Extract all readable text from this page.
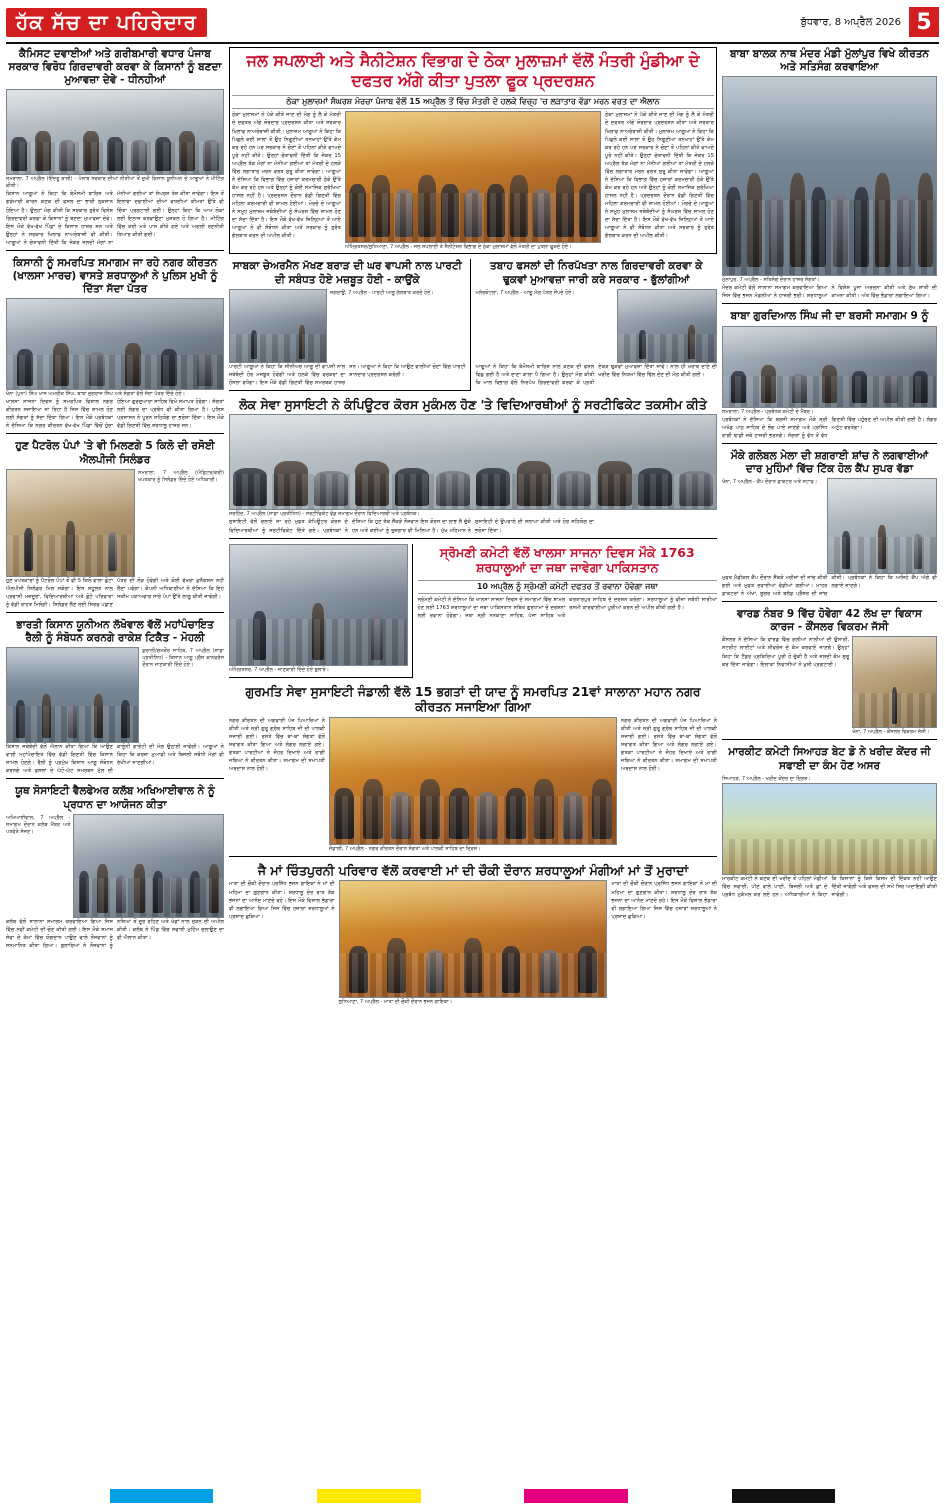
ਹੱਕ ਸੱਚ ਦਾ ਪਹਿਰੇਦਾਰ	ਬੁੱਧਵਾਰ, 8 ਅਪ੍ਰੈਲ 2026 5
ਕੈਮਿਸਟ ਦਵਾਈਆਂ ਅਤੇ ਗਰੀਬਮਾਰੀ ਵਧਾਰ ਪੰਜਾਬ ਸਰਕਾਰ ਵਿਰੋਧ ਗਿਰਦਾਵਰੀ ਕਰਵਾ ਕੇ ਕਿਸਾਨਾਂ ਨੂੰ ਬਣਦਾ ਮੁਆਵਜ਼ਾ ਦੇਵੇ - ਧੀਨਹੀਆਂ
ਸਮਰਾਲਾ, 7 ਅਪ੍ਰੈਲ (ਇੰਦਰੂ ਬਾਲੀ) - ਪੰਜਾਬ ਸਰਕਾਰ ਦੀਆਂ ਨੀਤੀਆਂ ਤੋਂ ਦੁਖੀ ਕਿਸਾਨ ਯੂਨੀਅਨ ਦੇ ਆਗੂਆਂ ਨੇ ਮੀਟਿੰਗ ਕੀਤੀ।
ਕਿਸਾਨ ਆਗੂਆਂ ਨੇ ਕਿਹਾ ਕਿ ਬੇਮੌਸਮੀ ਬਾਰਿਸ਼ ਅਤੇ ਗੜੇਮਾਰੀ ਕਾਰਨ ਕਣਕ ਦੀ ਫਸਲ ਦਾ ਭਾਰੀ ਨੁਕਸਾਨ ਹੋਇਆ ਹੈ। ਉਨ੍ਹਾਂ ਮੰਗ ਕੀਤੀ ਕਿ ਸਰਕਾਰ ਤੁਰੰਤ ਵਿਸ਼ੇਸ਼ ਗਿਰਦਾਵਰੀ ਕਰਵਾ ਕੇ ਕਿਸਾਨਾਂ ਨੂੰ ਬਣਦਾ ਮੁਆਵਜ਼ਾ ਦੇਵੇ। ਇਸ ਮੌਕੇ ਵੱਖ-ਵੱਖ ਪਿੰਡਾਂ ਦੇ ਕਿਸਾਨ ਹਾਜ਼ਰ ਸਨ ਅਤੇ ਉਨ੍ਹਾਂ ਨੇ ਸਰਕਾਰ ਖਿਲਾਫ ਨਾਅਰੇਬਾਜ਼ੀ ਵੀ ਕੀਤੀ। ਆਗੂਆਂ ਨੇ ਚੇਤਾਵਨੀ ਦਿੱਤੀ ਕਿ ਜੇਕਰ ਜਲਦੀ ਮੰਗਾਂ ਨਾ ਮੰਨੀਆਂ ਗਈਆਂ ਤਾਂ ਸੰਘਰਸ਼ ਤੇਜ਼ ਕੀਤਾ ਜਾਵੇਗਾ। ਇਸ ਤੋਂ ਇਲਾਵਾ ਦਵਾਈਆਂ ਦੀਆਂ ਵਧਦੀਆਂ ਕੀਮਤਾਂ ਉੱਤੇ ਵੀ ਚਿੰਤਾ ਪ੍ਰਗਟਾਈ ਗਈ। ਉਨ੍ਹਾਂ ਕਿਹਾ ਕਿ ਆਮ ਲੋਕਾਂ ਲਈ ਇਲਾਜ ਕਰਵਾਉਣਾ ਮੁਸ਼ਕਲ ਹੋ ਗਿਆ ਹੈ। ਮੀਟਿੰਗ ਵਿੱਚ ਕਈ ਮਤੇ ਪਾਸ ਕੀਤੇ ਗਏ ਅਤੇ ਅਗਲੀ ਰਣਨੀਤੀ ਤਿਆਰ ਕੀਤੀ ਗਈ।
ਕਿਸਾਨੀ ਨੂੰ ਸਮਰਪਿਤ ਸਮਾਗਮ ਜਾ ਰਹੇ ਨਗਰ ਕੀਰਤਨ (ਖਾਲਸਾ ਮਾਰਚ) ਵਾਸਤੇ ਸ਼ਰਧਾਲੂਆਂ ਨੇ ਪੁਲਿਸ ਮੁਖੀ ਨੂੰ ਦਿੱਤਾ ਸੱਦਾ ਪੱਤਰ
ਖੰਨਾ (ਪੁਨਾ) ਸਿੰਘ ਖਾਸ ਅਮਰੀਕ ਸਿੰਘ, ਬਾਬਾ ਜੁਗਰਾਜ ਸਿੰਘ ਅਤੇ ਸੰਗਤਾਂ ਵੱਲੋਂ ਸੱਦਾ ਪੱਤਰ ਦਿੰਦੇ ਹੋਏ।
ਖਾਲਸਾ ਸਾਜਨਾ ਦਿਵਸ ਨੂੰ ਸਮਰਪਿਤ ਵਿਸ਼ਾਲ ਨਗਰ ਕੀਰਤਨ ਸਜਾਇਆ ਜਾ ਰਿਹਾ ਹੈ ਜਿਸ ਵਿੱਚ ਸ਼ਾਮਲ ਹੋਣ ਲਈ ਸੰਗਤਾਂ ਨੂੰ ਸੱਦਾ ਦਿੱਤਾ ਗਿਆ। ਇਸ ਮੌਕੇ ਪ੍ਰਬੰਧਕਾਂ ਨੇ ਦੱਸਿਆ ਕਿ ਨਗਰ ਕੀਰਤਨ ਵੱਖ-ਵੱਖ ਪਿੰਡਾਂ ਵਿੱਚੋਂ ਹੁੰਦਾ ਹੋਇਆ ਗੁਰਦੁਆਰਾ ਸਾਹਿਬ ਵਿਖੇ ਸਮਾਪਤ ਹੋਵੇਗਾ। ਸੰਗਤਾਂ ਲਈ ਲੰਗਰ ਦਾ ਪ੍ਰਬੰਧ ਵੀ ਕੀਤਾ ਗਿਆ ਹੈ। ਪੁਲਿਸ ਪ੍ਰਸ਼ਾਸਨ ਨੇ ਪੂਰਨ ਸਹਿਯੋਗ ਦਾ ਭਰੋਸਾ ਦਿੱਤਾ। ਇਸ ਮੌਕੇ ਵੱਡੀ ਗਿਣਤੀ ਵਿੱਚ ਸ਼ਰਧਾਲੂ ਹਾਜ਼ਰ ਸਨ।
ਹੁਣ ਪੈਟਰੋਲ ਪੰਪਾਂ 'ਤੇ ਵੀ ਮਿਲਣਗੇ 5 ਕਿਲੋ ਦੀ ਰਸੋਈ ਐਲਪੀਜੀ ਸਿਲੰਡਰ
ਸਮਰਾਲਾ, 7 ਅਪ੍ਰੈਲ (ਐਡਿਟਰ/ਕਰੀ) ਖਪਤਕਾਰ ਨੂੰ ਸਿਲੰਡਰ ਦਿੰਦੇ ਹੋਏ ਅਧਿਕਾਰੀ।
ਹੁਣ ਖਪਤਕਾਰਾਂ ਨੂੰ ਪੈਟਰੋਲ ਪੰਪਾਂ ਤੋਂ ਵੀ 5 ਕਿਲੋ ਵਾਲਾ ਛੋਟਾ ਐਲਪੀਜੀ ਸਿਲੰਡਰ ਮਿਲ ਸਕੇਗਾ। ਇਸ ਸਹੂਲਤ ਨਾਲ ਪ੍ਰਵਾਸੀ ਮਜ਼ਦੂਰਾਂ, ਵਿਦਿਆਰਥੀਆਂ ਅਤੇ ਛੋਟੇ ਪਰਿਵਾਰਾਂ ਨੂੰ ਵੱਡੀ ਰਾਹਤ ਮਿਲੇਗੀ। ਸਿਲੰਡਰ ਲੈਣ ਲਈ ਸਿਰਫ ਪਛਾਣ ਪੱਤਰ ਦੀ ਲੋੜ ਹੋਵੇਗੀ ਅਤੇ ਕੋਈ ਵੱਖਰਾ ਕੁਨੈਕਸ਼ਨ ਨਹੀਂ ਲੈਣਾ ਪਵੇਗਾ। ਕੰਪਨੀ ਅਧਿਕਾਰੀਆਂ ਨੇ ਦੱਸਿਆ ਕਿ ਇਹ ਸਕੀਮ ਪੜਾਅਵਾਰ ਸਾਰੇ ਪੰਪਾਂ ਉੱਤੇ ਲਾਗੂ ਕੀਤੀ ਜਾਵੇਗੀ।
ਭਾਰਤੀ ਕਿਸਾਨ ਯੂਨੀਅਨ ਲੱਖੋਵਾਲ ਵੱਲੋਂ ਮਹਾਂਪੰਚਾਇਤ ਰੈਲੀ ਨੂੰ ਸੰਬੋਧਨ ਕਰਨਗੇ ਰਾਕੇਸ਼ ਟਿਕੈਤ - ਮੋਹਲੀ
ਕੁਰਾਲੀ/ਚਮਕੌਰ ਸਾਹਿਬ, 7 ਅਪ੍ਰੈਲ (ਸਾਡਾ ਪ੍ਰਤੀਨਿਧ) - ਕਿਸਾਨ ਆਗੂ ਪ੍ਰੈਸ ਕਾਨਫਰੰਸ ਦੌਰਾਨ ਜਾਣਕਾਰੀ ਦਿੰਦੇ ਹੋਏ।
ਕਿਸਾਨ ਜਥੇਬੰਦੀ ਵੱਲੋਂ ਐਲਾਨ ਕੀਤਾ ਗਿਆ ਕਿ ਆਉਣ ਵਾਲੀ ਮਹਾਂਪੰਚਾਇਤ ਵਿੱਚ ਵੱਡੀ ਗਿਣਤੀ ਵਿੱਚ ਕਿਸਾਨ ਸ਼ਾਮਲ ਹੋਣਗੇ। ਰੈਲੀ ਨੂੰ ਪ੍ਰਮੁੱਖ ਕਿਸਾਨ ਆਗੂ ਸੰਬੋਧਨ ਕਰਨਗੇ ਅਤੇ ਫਸਲਾਂ ਦੇ ਘੱਟੋ-ਘੱਟ ਸਮਰਥਨ ਮੁੱਲ ਦੀ ਕਾਨੂੰਨੀ ਗਾਰੰਟੀ ਦੀ ਮੰਗ ਉਠਾਈ ਜਾਵੇਗੀ। ਆਗੂਆਂ ਨੇ ਕਿਹਾ ਕਿ ਕਰਜ਼ਾ ਮੁਆਫੀ ਅਤੇ ਬਿਜਲੀ ਸਬੰਧੀ ਮੰਗਾਂ ਵੀ ਰੱਖੀਆਂ ਜਾਣਗੀਆਂ।
ਯੂਥ ਸੋਸਾਇਟੀ ਵੈਲਫੇਅਰ ਕਲੱਬ ਅਖਿਆਈਵਾਲ ਨੇ ਨੂੰ ਪ੍ਰਧਾਨ ਦਾ ਆਯੋਜਨ ਕੀਤਾ
ਅਖਿਆਈਵਾਲ, 7 ਅਪ੍ਰੈਲ - ਸਮਾਗਮ ਦੌਰਾਨ ਕਲੱਬ ਮੈਂਬਰ ਅਤੇ ਪਤਵੰਤੇ ਸੱਜਣ।
ਕਲੱਬ ਵੱਲੋਂ ਸਾਲਾਨਾ ਸਮਾਗਮ ਕਰਵਾਇਆ ਗਿਆ ਜਿਸ ਵਿੱਚ ਨਵੀਂ ਕਮੇਟੀ ਦੀ ਚੋਣ ਕੀਤੀ ਗਈ। ਇਸ ਮੌਕੇ ਸਮਾਜ ਸੇਵਾ ਦੇ ਕੰਮਾਂ ਵਿੱਚ ਯੋਗਦਾਨ ਪਾਉਣ ਵਾਲੇ ਨੌਜਵਾਨਾਂ ਨੂੰ ਸਨਮਾਨਿਤ ਕੀਤਾ ਗਿਆ। ਬੁਲਾਰਿਆਂ ਨੇ ਨੌਜਵਾਨਾਂ ਨੂੰ ਨਸ਼ਿਆਂ ਤੋਂ ਦੂਰ ਰਹਿਣ ਅਤੇ ਖੇਡਾਂ ਨਾਲ ਜੁੜਨ ਦੀ ਅਪੀਲ ਕੀਤੀ। ਕਲੱਬ ਨੇ ਪਿੰਡ ਵਿੱਚ ਸਫਾਈ ਮੁਹਿੰਮ ਚਲਾਉਣ ਦਾ ਵੀ ਐਲਾਨ ਕੀਤਾ।
ਜਲ ਸਪਲਾਈ ਅਤੇ ਸੈਨੀਟੇਸ਼ਨ ਵਿਭਾਗ ਦੇ ਠੇਕਾ ਮੁਲਾਜ਼ਮਾਂ ਵੱਲੋਂ ਮੰਤਰੀ ਮੁੰਡੀਆ ਦੇ ਦਫਤਰ ਅੱਗੇ ਕੀਤਾ ਪੁਤਲਾ ਫੂਕ ਪ੍ਰਦਰਸ਼ਨ
ਠੇਕਾ ਮੁਲਾਜ਼ਮਾਂ ਸੰਘਰਸ਼ ਮੋਰਚਾ ਪੰਜਾਬ ਵੱਲੋਂ 15 ਅਪ੍ਰੈਲ ਤੋਂ ਵਿੱਚ ਮੰਤਰੀ ਦੇ ਹਲਕੇ ਵਿਚ੍ਹ 'ਚ ਲੜਾਤਾਰ ਵੱਡਾ ਮਰਨ ਵਰਤ ਦਾ ਐਲਾਨ
ਠੇਕਾ ਮੁਲਾਜ਼ਮਾਂ ਨੇ ਪੱਕੇ ਕੀਤੇ ਜਾਣ ਦੀ ਮੰਗ ਨੂੰ ਲੈ ਕੇ ਮੰਤਰੀ ਦੇ ਦਫਤਰ ਅੱਗੇ ਜ਼ੋਰਦਾਰ ਪ੍ਰਦਰਸ਼ਨ ਕੀਤਾ ਅਤੇ ਸਰਕਾਰ ਖਿਲਾਫ ਨਾਅਰੇਬਾਜ਼ੀ ਕੀਤੀ। ਮੁਲਾਜ਼ਮ ਆਗੂਆਂ ਨੇ ਕਿਹਾ ਕਿ ਪਿਛਲੇ ਕਈ ਸਾਲਾਂ ਤੋਂ ਉਹ ਨਿਗੂਣੀਆਂ ਤਨਖਾਹਾਂ ਉੱਤੇ ਕੰਮ ਕਰ ਰਹੇ ਹਨ ਪਰ ਸਰਕਾਰ ਨੇ ਚੋਣਾਂ ਤੋਂ ਪਹਿਲਾਂ ਕੀਤੇ ਵਾਅਦੇ ਪੂਰੇ ਨਹੀਂ ਕੀਤੇ। ਉਨ੍ਹਾਂ ਚੇਤਾਵਨੀ ਦਿੱਤੀ ਕਿ ਜੇਕਰ 15 ਅਪ੍ਰੈਲ ਤੱਕ ਮੰਗਾਂ ਨਾ ਮੰਨੀਆਂ ਗਈਆਂ ਤਾਂ ਮੰਤਰੀ ਦੇ ਹਲਕੇ ਵਿੱਚ ਲਗਾਤਾਰ ਮਰਨ ਵਰਤ ਸ਼ੁਰੂ ਕੀਤਾ ਜਾਵੇਗਾ। ਆਗੂਆਂ ਨੇ ਦੱਸਿਆ ਕਿ ਵਿਭਾਗ ਵਿੱਚ ਹਜ਼ਾਰਾਂ ਕਰਮਚਾਰੀ ਠੇਕੇ ਉੱਤੇ ਕੰਮ ਕਰ ਰਹੇ ਹਨ ਅਤੇ ਉਨ੍ਹਾਂ ਨੂੰ ਕੋਈ ਸਮਾਜਿਕ ਸੁਰੱਖਿਆ ਹਾਸਲ ਨਹੀਂ ਹੈ। ਪ੍ਰਦਰਸ਼ਨ ਦੌਰਾਨ ਵੱਡੀ ਗਿਣਤੀ ਵਿੱਚ ਮਹਿਲਾ ਕਰਮਚਾਰੀ ਵੀ ਸ਼ਾਮਲ ਹੋਈਆਂ। ਮੋਰਚੇ ਦੇ ਆਗੂਆਂ ਨੇ ਸਮੂਹ ਮੁਲਾਜ਼ਮ ਜਥੇਬੰਦੀਆਂ ਨੂੰ ਸੰਘਰਸ਼ ਵਿੱਚ ਸ਼ਾਮਲ ਹੋਣ ਦਾ ਸੱਦਾ ਦਿੱਤਾ ਹੈ। ਇਸ ਮੌਕੇ ਵੱਖ-ਵੱਖ ਜ਼ਿਲ੍ਹਿਆਂ ਤੋਂ ਆਏ ਆਗੂਆਂ ਨੇ ਵੀ ਸੰਬੋਧਨ ਕੀਤਾ ਅਤੇ ਸਰਕਾਰ ਨੂੰ ਤੁਰੰਤ ਗੱਲਬਾਤ ਕਰਨ ਦੀ ਅਪੀਲ ਕੀਤੀ।
ਅੰਮ੍ਰਿਤਸਰ/ਲੁਧਿਆਣਾ, 7 ਅਪ੍ਰੈਲ - ਜਲ ਸਪਲਾਈ ਤੇ ਸੈਨੀਟੇਸ਼ਨ ਵਿਭਾਗ ਦੇ ਠੇਕਾ ਮੁਲਾਜ਼ਮਾਂ ਵੱਲੋਂ ਮੰਤਰੀ ਦਾ ਪੁਤਲਾ ਫੂਕਦੇ ਹੋਏ।
ਠੇਕਾ ਮੁਲਾਜ਼ਮਾਂ ਨੇ ਪੱਕੇ ਕੀਤੇ ਜਾਣ ਦੀ ਮੰਗ ਨੂੰ ਲੈ ਕੇ ਮੰਤਰੀ ਦੇ ਦਫਤਰ ਅੱਗੇ ਜ਼ੋਰਦਾਰ ਪ੍ਰਦਰਸ਼ਨ ਕੀਤਾ ਅਤੇ ਸਰਕਾਰ ਖਿਲਾਫ ਨਾਅਰੇਬਾਜ਼ੀ ਕੀਤੀ। ਮੁਲਾਜ਼ਮ ਆਗੂਆਂ ਨੇ ਕਿਹਾ ਕਿ ਪਿਛਲੇ ਕਈ ਸਾਲਾਂ ਤੋਂ ਉਹ ਨਿਗੂਣੀਆਂ ਤਨਖਾਹਾਂ ਉੱਤੇ ਕੰਮ ਕਰ ਰਹੇ ਹਨ ਪਰ ਸਰਕਾਰ ਨੇ ਚੋਣਾਂ ਤੋਂ ਪਹਿਲਾਂ ਕੀਤੇ ਵਾਅਦੇ ਪੂਰੇ ਨਹੀਂ ਕੀਤੇ। ਉਨ੍ਹਾਂ ਚੇਤਾਵਨੀ ਦਿੱਤੀ ਕਿ ਜੇਕਰ 15 ਅਪ੍ਰੈਲ ਤੱਕ ਮੰਗਾਂ ਨਾ ਮੰਨੀਆਂ ਗਈਆਂ ਤਾਂ ਮੰਤਰੀ ਦੇ ਹਲਕੇ ਵਿੱਚ ਲਗਾਤਾਰ ਮਰਨ ਵਰਤ ਸ਼ੁਰੂ ਕੀਤਾ ਜਾਵੇਗਾ। ਆਗੂਆਂ ਨੇ ਦੱਸਿਆ ਕਿ ਵਿਭਾਗ ਵਿੱਚ ਹਜ਼ਾਰਾਂ ਕਰਮਚਾਰੀ ਠੇਕੇ ਉੱਤੇ ਕੰਮ ਕਰ ਰਹੇ ਹਨ ਅਤੇ ਉਨ੍ਹਾਂ ਨੂੰ ਕੋਈ ਸਮਾਜਿਕ ਸੁਰੱਖਿਆ ਹਾਸਲ ਨਹੀਂ ਹੈ। ਪ੍ਰਦਰਸ਼ਨ ਦੌਰਾਨ ਵੱਡੀ ਗਿਣਤੀ ਵਿੱਚ ਮਹਿਲਾ ਕਰਮਚਾਰੀ ਵੀ ਸ਼ਾਮਲ ਹੋਈਆਂ। ਮੋਰਚੇ ਦੇ ਆਗੂਆਂ ਨੇ ਸਮੂਹ ਮੁਲਾਜ਼ਮ ਜਥੇਬੰਦੀਆਂ ਨੂੰ ਸੰਘਰਸ਼ ਵਿੱਚ ਸ਼ਾਮਲ ਹੋਣ ਦਾ ਸੱਦਾ ਦਿੱਤਾ ਹੈ। ਇਸ ਮੌਕੇ ਵੱਖ-ਵੱਖ ਜ਼ਿਲ੍ਹਿਆਂ ਤੋਂ ਆਏ ਆਗੂਆਂ ਨੇ ਵੀ ਸੰਬੋਧਨ ਕੀਤਾ ਅਤੇ ਸਰਕਾਰ ਨੂੰ ਤੁਰੰਤ ਗੱਲਬਾਤ ਕਰਨ ਦੀ ਅਪੀਲ ਕੀਤੀ।
ਸਾਬਕਾ ਚੇਅਰਮੈਨ ਮੱਖਣ ਬਰਾੜ ਦੀ ਘਰ ਵਾਪਸੀ ਨਾਲ ਪਾਰਟੀ ਦੀ ਸਬੰਧਤ ਹੋਏ ਮਜ਼ਬੂਤ ਹੋਈ - ਕਾਉਂਕੇ
ਜਗਰਾਉਂ, 7 ਅਪ੍ਰੈਲ - ਪਾਰਟੀ ਆਗੂ ਗੱਲਬਾਤ ਕਰਦੇ ਹੋਏ।
ਪਾਰਟੀ ਆਗੂਆਂ ਨੇ ਕਿਹਾ ਕਿ ਸੀਨੀਅਰ ਆਗੂ ਦੀ ਵਾਪਸੀ ਨਾਲ ਜਥੇਬੰਦੀ ਹੋਰ ਮਜ਼ਬੂਤ ਹੋਵੇਗੀ ਅਤੇ ਹਲਕੇ ਵਿੱਚ ਵਰਕਰਾਂ ਦਾ ਹੌਸਲਾ ਵਧੇਗਾ। ਇਸ ਮੌਕੇ ਵੱਡੀ ਗਿਣਤੀ ਵਿੱਚ ਸਮਰਥਕ ਹਾਜ਼ਰ ਸਨ। ਆਗੂਆਂ ਨੇ ਕਿਹਾ ਕਿ ਆਉਣ ਵਾਲੀਆਂ ਚੋਣਾਂ ਵਿੱਚ ਪਾਰਟੀ ਸ਼ਾਨਦਾਰ ਪ੍ਰਦਰਸ਼ਨ ਕਰੇਗੀ।
ਤਬਾਹ ਫਸਲਾਂ ਦੀ ਨਿਰਪੱਖਤਾ ਨਾਲ ਗਿਰਦਾਵਰੀ ਕਰਵਾ ਕੇ ਢੁਕਵਾਂ ਮੁਆਵਜ਼ਾ ਜਾਰੀ ਕਰੇ ਸਰਕਾਰ - ਭੁੱਲਾਂਗੀਆਂ
ਮਲੇਰਕੋਟਲਾ, 7 ਅਪ੍ਰੈਲ - ਆਗੂ ਮੰਗ ਪੱਤਰ ਸੌਂਪਦੇ ਹੋਏ।
ਆਗੂਆਂ ਨੇ ਕਿਹਾ ਕਿ ਬੇਮੌਸਮੀ ਬਾਰਿਸ਼ ਨਾਲ ਕਣਕ ਦੀ ਫਸਲ ਵਿਛ ਗਈ ਹੈ ਅਤੇ ਦਾਣਾ ਕਾਲਾ ਪੈ ਗਿਆ ਹੈ। ਉਨ੍ਹਾਂ ਮੰਗ ਕੀਤੀ ਕਿ ਮਾਲ ਵਿਭਾਗ ਵੱਲੋਂ ਨਿਰਪੱਖ ਗਿਰਦਾਵਰੀ ਕਰਵਾ ਕੇ ਪ੍ਰਤੀ ਏਕੜ ਢੁਕਵਾਂ ਮੁਆਵਜ਼ਾ ਦਿੱਤਾ ਜਾਵੇ। ਨਾਲ ਹੀ ਖਰਾਬ ਦਾਣੇ ਦੀ ਖਰੀਦ ਵਿੱਚ ਨਿਯਮਾਂ ਵਿੱਚ ਢਿੱਲ ਦੇਣ ਦੀ ਮੰਗ ਕੀਤੀ ਗਈ।
ਲੋਕ ਸੇਵਾ ਸੁਸਾਇਟੀ ਨੇ ਕੰਪਿਊਟਰ ਕੋਰਸ ਮੁਕੰਮਲ ਹੋਣ 'ਤੇ ਵਿਦਿਆਰਥੀਆਂ ਨੂੰ ਸਰਟੀਫਿਕੇਟ ਤਕਸੀਮ ਕੀਤੇ
ਸਰਹਿੰਦ, 7 ਅਪ੍ਰੈਲ (ਸਾਡਾ ਪ੍ਰਤੀਨਿਧ) - ਸਰਟੀਫਿਕੇਟ ਵੰਡ ਸਮਾਗਮ ਦੌਰਾਨ ਵਿਦਿਆਰਥੀ ਅਤੇ ਪ੍ਰਬੰਧਕ।
ਸੁਸਾਇਟੀ ਵੱਲੋਂ ਚਲਾਏ ਜਾ ਰਹੇ ਮੁਫਤ ਕੰਪਿਊਟਰ ਕੋਰਸ ਦੇ ਵਿਦਿਆਰਥੀਆਂ ਨੂੰ ਸਰਟੀਫਿਕੇਟ ਦਿੱਤੇ ਗਏ। ਪ੍ਰਬੰਧਕਾਂ ਨੇ ਦੱਸਿਆ ਕਿ ਹੁਣ ਤੱਕ ਸੈਂਕੜੇ ਨੌਜਵਾਨ ਇਸ ਕੋਰਸ ਦਾ ਲਾਭ ਲੈ ਚੁੱਕੇ ਹਨ ਅਤੇ ਕਈਆਂ ਨੂੰ ਰੁਜ਼ਗਾਰ ਵੀ ਮਿਲਿਆ ਹੈ। ਮੁੱਖ ਮਹਿਮਾਨ ਨੇ ਸੁਸਾਇਟੀ ਦੇ ਉਪਰਾਲੇ ਦੀ ਸ਼ਲਾਘਾ ਕੀਤੀ ਅਤੇ ਹੋਰ ਸਹਿਯੋਗ ਦਾ ਭਰੋਸਾ ਦਿੱਤਾ।
ਅੰਮ੍ਰਿਤਸਰ, 7 ਅਪ੍ਰੈਲ - ਜਾਣਕਾਰੀ ਦਿੰਦੇ ਹੋਏ ਬੁਲਾਰੇ।
ਸ੍ਰੋਮਣੀ ਕਮੇਟੀ ਵੱਲੋਂ ਖਾਲਸਾ ਸਾਜਨਾ ਦਿਵਸ ਮੌਕੇ 1763 ਸ਼ਰਧਾਲੂਆਂ ਦਾ ਜਥਾ ਜਾਵੇਗਾ ਪਾਕਿਸਤਾਨ
10 ਅਪ੍ਰੈਲ ਨੂੰ ਸ੍ਰੋਮਣੀ ਕਮੇਟੀ ਦਫਤਰ ਤੋਂ ਰਵਾਨਾ ਹੋਵੇਗਾ ਜਥਾ
ਸ੍ਰੋਮਣੀ ਕਮੇਟੀ ਨੇ ਦੱਸਿਆ ਕਿ ਖਾਲਸਾ ਸਾਜਨਾ ਦਿਵਸ ਦੇ ਸਮਾਗਮਾਂ ਵਿੱਚ ਸ਼ਾਮਲ ਹੋਣ ਲਈ 1763 ਸ਼ਰਧਾਲੂਆਂ ਦਾ ਜਥਾ ਪਾਕਿਸਤਾਨ ਸਥਿਤ ਗੁਰਧਾਮਾਂ ਦੇ ਦਰਸ਼ਨਾਂ ਲਈ ਰਵਾਨਾ ਹੋਵੇਗਾ। ਜਥਾ ਸ੍ਰੀ ਨਨਕਾਣਾ ਸਾਹਿਬ, ਪੰਜਾ ਸਾਹਿਬ ਅਤੇ ਕਰਤਾਰਪੁਰ ਸਾਹਿਬ ਦੇ ਦਰਸ਼ਨ ਕਰੇਗਾ। ਸ਼ਰਧਾਲੂਆਂ ਨੂੰ ਵੀਜ਼ਾ ਸਬੰਧੀ ਸਾਰੀਆਂ ਰਸਮੀ ਕਾਰਵਾਈਆਂ ਪੂਰੀਆਂ ਕਰਨ ਦੀ ਅਪੀਲ ਕੀਤੀ ਗਈ ਹੈ।
ਗੁਰਮਤਿ ਸੇਵਾ ਸੁਸਾਇਟੀ ਜੰਡਾਲੀ ਵੱਲੋ 15 ਭਗਤਾਂ ਦੀ ਯਾਦ ਨੂੰ ਸਮਰਪਿਤ 21ਵਾਂ ਸਾਲਾਨਾ ਮਹਾਨ ਨਗਰ ਕੀਰਤਨ ਸਜਾਇਆ ਗਿਆ
ਨਗਰ ਕੀਰਤਨ ਦੀ ਅਗਵਾਈ ਪੰਜ ਪਿਆਰਿਆਂ ਨੇ ਕੀਤੀ ਅਤੇ ਸ੍ਰੀ ਗੁਰੂ ਗ੍ਰੰਥ ਸਾਹਿਬ ਜੀ ਦੀ ਪਾਲਕੀ ਸਜਾਈ ਗਈ। ਰਸਤੇ ਵਿੱਚ ਥਾਂ-ਥਾਂ ਸੰਗਤਾਂ ਵੱਲੋਂ ਸਵਾਗਤ ਕੀਤਾ ਗਿਆ ਅਤੇ ਲੰਗਰ ਲਗਾਏ ਗਏ। ਗਤਕਾ ਪਾਰਟੀਆਂ ਨੇ ਜੌਹਰ ਦਿਖਾਏ ਅਤੇ ਰਾਗੀ ਜਥਿਆਂ ਨੇ ਕੀਰਤਨ ਕੀਤਾ। ਸਮਾਗਮ ਦੀ ਸਮਾਪਤੀ ਅਰਦਾਸ ਨਾਲ ਹੋਈ।
ਜੰਡਾਲੀ, 7 ਅਪ੍ਰੈਲ - ਨਗਰ ਕੀਰਤਨ ਦੌਰਾਨ ਸੰਗਤਾਂ ਅਤੇ ਪਾਲਕੀ ਸਾਹਿਬ ਦਾ ਦ੍ਰਿਸ਼।
ਨਗਰ ਕੀਰਤਨ ਦੀ ਅਗਵਾਈ ਪੰਜ ਪਿਆਰਿਆਂ ਨੇ ਕੀਤੀ ਅਤੇ ਸ੍ਰੀ ਗੁਰੂ ਗ੍ਰੰਥ ਸਾਹਿਬ ਜੀ ਦੀ ਪਾਲਕੀ ਸਜਾਈ ਗਈ। ਰਸਤੇ ਵਿੱਚ ਥਾਂ-ਥਾਂ ਸੰਗਤਾਂ ਵੱਲੋਂ ਸਵਾਗਤ ਕੀਤਾ ਗਿਆ ਅਤੇ ਲੰਗਰ ਲਗਾਏ ਗਏ। ਗਤਕਾ ਪਾਰਟੀਆਂ ਨੇ ਜੌਹਰ ਦਿਖਾਏ ਅਤੇ ਰਾਗੀ ਜਥਿਆਂ ਨੇ ਕੀਰਤਨ ਕੀਤਾ। ਸਮਾਗਮ ਦੀ ਸਮਾਪਤੀ ਅਰਦਾਸ ਨਾਲ ਹੋਈ।
ਜੈ ਮਾਂ ਚਿੰਤਪੁਰਨੀ ਪਰਿਵਾਰ ਵੱਲੋਂ ਕਰਵਾਈ ਮਾਂ ਦੀ ਚੌਕੀ ਦੌਰਾਨ ਸ਼ਰਧਾਲੂਆਂ ਮੰਗੀਆਂ ਮਾਂ ਤੋਂ ਮੁਰਾਦਾਂ
ਮਾਤਾ ਦੀ ਚੌਕੀ ਦੌਰਾਨ ਪ੍ਰਸਿੱਧ ਭਜਨ ਗਾਇਕਾਂ ਨੇ ਮਾਂ ਦੀ ਮਹਿਮਾ ਦਾ ਗੁਣਗਾਨ ਕੀਤਾ। ਸ਼ਰਧਾਲੂ ਦੇਰ ਰਾਤ ਤੱਕ ਭਜਨਾਂ ਦਾ ਆਨੰਦ ਮਾਣਦੇ ਰਹੇ। ਇਸ ਮੌਕੇ ਵਿਸ਼ਾਲ ਭੰਡਾਰਾ ਵੀ ਲਗਾਇਆ ਗਿਆ ਜਿਸ ਵਿੱਚ ਹਜ਼ਾਰਾਂ ਸ਼ਰਧਾਲੂਆਂ ਨੇ ਪ੍ਰਸ਼ਾਦ ਛਕਿਆ।
ਲੁਧਿਆਣਾ, 7 ਅਪ੍ਰੈਲ - ਮਾਤਾ ਦੀ ਚੌਕੀ ਦੌਰਾਨ ਭਜਨ ਗਾਇਕਾ।
ਮਾਤਾ ਦੀ ਚੌਕੀ ਦੌਰਾਨ ਪ੍ਰਸਿੱਧ ਭਜਨ ਗਾਇਕਾਂ ਨੇ ਮਾਂ ਦੀ ਮਹਿਮਾ ਦਾ ਗੁਣਗਾਨ ਕੀਤਾ। ਸ਼ਰਧਾਲੂ ਦੇਰ ਰਾਤ ਤੱਕ ਭਜਨਾਂ ਦਾ ਆਨੰਦ ਮਾਣਦੇ ਰਹੇ। ਇਸ ਮੌਕੇ ਵਿਸ਼ਾਲ ਭੰਡਾਰਾ ਵੀ ਲਗਾਇਆ ਗਿਆ ਜਿਸ ਵਿੱਚ ਹਜ਼ਾਰਾਂ ਸ਼ਰਧਾਲੂਆਂ ਨੇ ਪ੍ਰਸ਼ਾਦ ਛਕਿਆ।
ਬਾਬਾ ਬਾਲਕ ਨਾਥ ਮੰਦਰ ਮੰਡੀ ਮੁੱਲਾਂਪੁਰ ਵਿਖੇ ਕੀਰਤਨ ਅਤੇ ਸਤਿਸੰਗ ਕਰਵਾਇਆ
ਮੁੱਲਾਂਪੁਰ, 7 ਅਪ੍ਰੈਲ - ਸਤਿਸੰਗ ਦੌਰਾਨ ਹਾਜ਼ਰ ਸੰਗਤਾਂ।
ਮੰਦਰ ਕਮੇਟੀ ਵੱਲੋਂ ਸਾਲਾਨਾ ਸਮਾਗਮ ਕਰਵਾਇਆ ਗਿਆ ਜਿਸ ਵਿੱਚ ਭਜਨ ਮੰਡਲੀਆਂ ਨੇ ਹਾਜ਼ਰੀ ਭਰੀ। ਸ਼ਰਧਾਲੂਆਂ ਨੇ ਵਿਸ਼ੇਸ਼ ਪੂਜਾ ਅਰਚਨਾ ਕੀਤੀ ਅਤੇ ਸੁੱਖ ਸ਼ਾਂਤੀ ਦੀ ਕਾਮਨਾ ਕੀਤੀ। ਅੰਤ ਵਿੱਚ ਭੰਡਾਰਾ ਲਗਾਇਆ ਗਿਆ।
ਬਾਬਾ ਗੁਰਦਿਆਲ ਸਿੰਘ ਜੀ ਦਾ ਬਰਸੀ ਸਮਾਗਮ 9 ਨੂੰ
ਸਮਰਾਲਾ, 7 ਅਪ੍ਰੈਲ - ਪ੍ਰਬੰਧਕ ਕਮੇਟੀ ਦੇ ਮੈਂਬਰ।
ਪ੍ਰਬੰਧਕਾਂ ਨੇ ਦੱਸਿਆ ਕਿ ਬਰਸੀ ਸਮਾਗਮ ਮੌਕੇ ਸ੍ਰੀ ਅਖੰਡ ਪਾਠ ਸਾਹਿਬ ਦੇ ਭੋਗ ਪਾਏ ਜਾਣਗੇ ਅਤੇ ਪ੍ਰਸਿੱਧ ਰਾਗੀ ਢਾਡੀ ਜਥੇ ਹਾਜ਼ਰੀ ਭਰਨਗੇ। ਸੰਗਤਾਂ ਨੂੰ ਵੱਧ ਤੋਂ ਵੱਧ ਗਿਣਤੀ ਵਿੱਚ ਪਹੁੰਚਣ ਦੀ ਅਪੀਲ ਕੀਤੀ ਗਈ ਹੈ। ਲੰਗਰ ਅਟੁੱਟ ਵਰਤੇਗਾ।
ਮੌਕੇ ਗਲੋਬਲ ਮੇਲਾ ਦੀ ਸ਼ਗਰਾਈ ਸ਼ਾਂਚ ਨੇ ਲਗਵਾਈਆਂ ਦਾਰ ਮੁਹਿੰਮਾਂ ਵਿੱਚ ਟਿੱਕ ਹੋਲ ਕੈਂਪ ਸੁਪਰ ਵੱਡਾ
ਖੰਨਾ, 7 ਅਪ੍ਰੈਲ - ਕੈਂਪ ਦੌਰਾਨ ਡਾਕਟਰ ਅਤੇ ਸਟਾਫ।
ਮੁਫਤ ਮੈਡੀਕਲ ਕੈਂਪ ਦੌਰਾਨ ਸੈਂਕੜੇ ਮਰੀਜ਼ਾਂ ਦੀ ਜਾਂਚ ਕੀਤੀ ਗਈ ਅਤੇ ਮੁਫਤ ਦਵਾਈਆਂ ਵੰਡੀਆਂ ਗਈਆਂ। ਮਾਹਰ ਡਾਕਟਰਾਂ ਨੇ ਅੱਖਾਂ, ਸ਼ੂਗਰ ਅਤੇ ਬਲੱਡ ਪ੍ਰੈਸ਼ਰ ਦੀ ਜਾਂਚ ਕੀਤੀ। ਪ੍ਰਬੰਧਕਾਂ ਨੇ ਕਿਹਾ ਕਿ ਅਜਿਹੇ ਕੈਂਪ ਅੱਗੇ ਵੀ ਲਗਾਏ ਜਾਣਗੇ।
ਵਾਰਡ ਨੰਬਰ 9 ਵਿੱਚ ਹੋਵੇਗਾ 42 ਲੱਖ ਦਾ ਵਿਕਾਸ ਕਾਰਜ - ਕੌਂਸਲਰ ਵਿਕਰਮ ਜੱਸੀ
ਕੌਂਸਲਰ ਨੇ ਦੱਸਿਆ ਕਿ ਵਾਰਡ ਵਿੱਚ ਗਲੀਆਂ ਨਾਲੀਆਂ ਦੀ ਉਸਾਰੀ, ਸਟਰੀਟ ਲਾਈਟਾਂ ਅਤੇ ਸੀਵਰੇਜ ਦੇ ਕੰਮ ਕਰਵਾਏ ਜਾਣਗੇ। ਉਨ੍ਹਾਂ ਕਿਹਾ ਕਿ ਟੈਂਡਰ ਪ੍ਰਕਿਰਿਆ ਪੂਰੀ ਹੋ ਚੁੱਕੀ ਹੈ ਅਤੇ ਜਲਦੀ ਕੰਮ ਸ਼ੁਰੂ ਕਰ ਦਿੱਤਾ ਜਾਵੇਗਾ। ਇਲਾਕਾ ਨਿਵਾਸੀਆਂ ਨੇ ਖੁਸ਼ੀ ਪ੍ਰਗਟਾਈ।
ਖੰਨਾ, 7 ਅਪ੍ਰੈਲ - ਕੌਂਸਲਰ ਵਿਕਰਮ ਜੱਸੀ।
ਮਾਰਕੀਟ ਕਮੇਟੀ ਸਿਆਹੜ ਬੇਟ ਡੋ ਨੇ ਖਰੀਦ ਕੇਂਦਰ ਜੀ ਸਫਾਈ ਦਾ ਕੰਮ ਹੋਣ ਅਸਰ
ਸਿਆਹੜ, 7 ਅਪ੍ਰੈਲ - ਖਰੀਦ ਕੇਂਦਰ ਦਾ ਦ੍ਰਿਸ਼।
ਮਾਰਕੀਟ ਕਮੇਟੀ ਨੇ ਕਣਕ ਦੀ ਖਰੀਦ ਤੋਂ ਪਹਿਲਾਂ ਮੰਡੀਆਂ ਵਿੱਚ ਸਫਾਈ, ਪੀਣ ਵਾਲੇ ਪਾਣੀ, ਬਿਜਲੀ ਅਤੇ ਛਾਂ ਦੇ ਪ੍ਰਬੰਧ ਮੁਕੰਮਲ ਕਰ ਲਏ ਹਨ। ਅਧਿਕਾਰੀਆਂ ਨੇ ਕਿਹਾ ਕਿ ਕਿਸਾਨਾਂ ਨੂੰ ਕਿਸੇ ਕਿਸਮ ਦੀ ਦਿੱਕਤ ਨਹੀਂ ਆਉਣ ਦਿੱਤੀ ਜਾਵੇਗੀ ਅਤੇ ਫਸਲ ਦੀ ਸਮੇਂ ਸਿਰ ਅਦਾਇਗੀ ਕੀਤੀ ਜਾਵੇਗੀ।
